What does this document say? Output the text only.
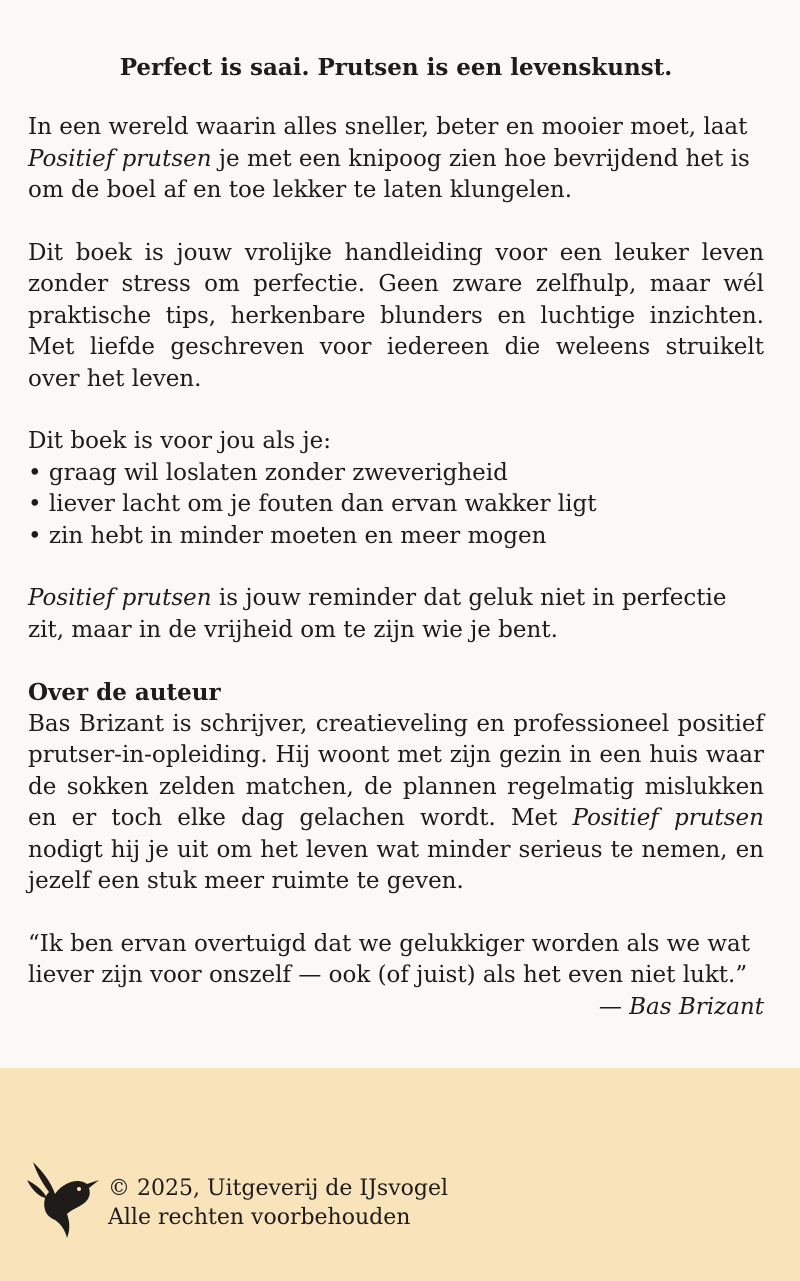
Perfect is saai. Prutsen is een levenskunst.

In een wereld waarin alles sneller, beter en mooier moet, laat Positief prutsen je met een knipoog zien hoe bevrijdend het is om de boel af en toe lekker te laten klungelen.

Dit boek is jouw vrolijke handleiding voor een leuker leven zonder stress om perfectie. Geen zware zelfhulp, maar wél praktische tips, herkenbare blunders en luchtige inzichten. Met liefde geschreven voor iedereen die weleens struikelt over het leven.

Dit boek is voor jou als je:

• graag wil loslaten zonder zweverigheid
• liever lacht om je fouten dan ervan wakker ligt
• zin hebt in minder moeten en meer mogen

Positief prutsen is jouw reminder dat geluk niet in perfectie zit, maar in de vrijheid om te zijn wie je bent.

Over de auteur

Bas Brizant is schrijver, creatieveling en professioneel positief prutser-in-opleiding. Hij woont met zijn gezin in een huis waar de sokken zelden matchen, de plannen regelmatig mislukken en er toch elke dag gelachen wordt. Met Positief prutsen nodigt hij je uit om het leven wat minder serieus te nemen, en jezelf een stuk meer ruimte te geven.

“Ik ben ervan overtuigd dat we gelukkiger worden als we wat liever zijn voor onszelf — ook (of juist) als het even niet lukt.”

— Bas Brizant

© 2025, Uitgeverij de IJsvogel
Alle rechten voorbehouden
